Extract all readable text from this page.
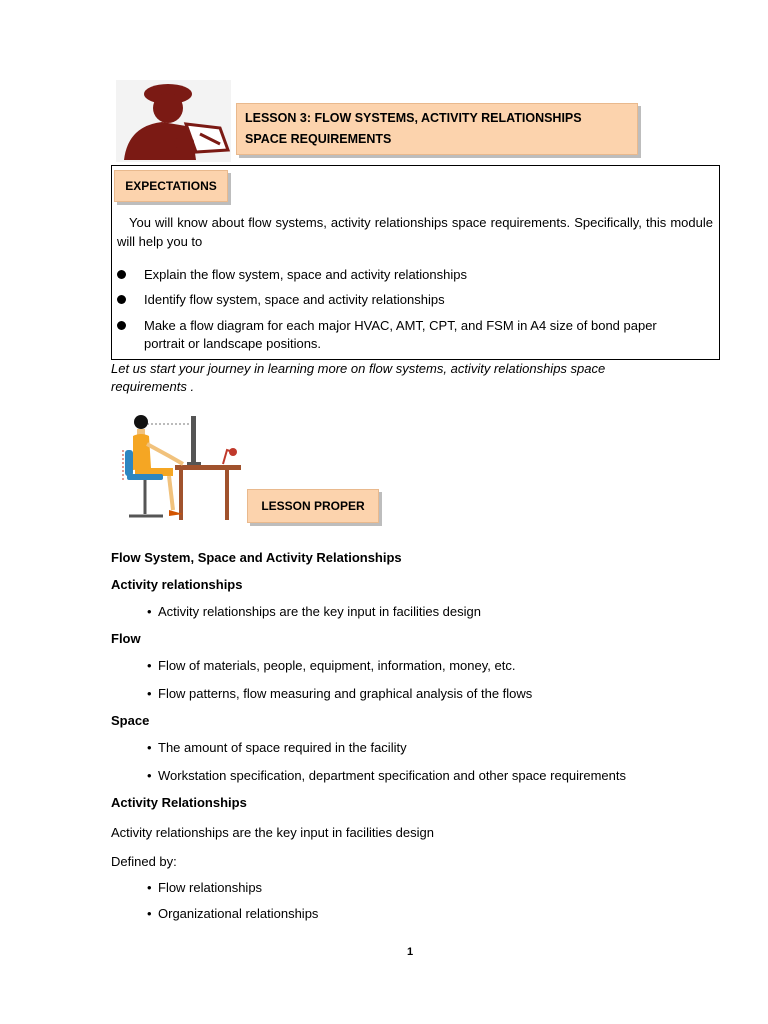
LESSON 3: FLOW SYSTEMS, ACTIVITY RELATIONSHIPS
SPACE REQUIREMENTS
EXPECTATIONS
You will know about flow systems, activity relationships space requirements. Specifically, this module will help you to
Explain the flow system, space and activity relationships
Identify flow system, space and activity relationships
Make a flow diagram for each major HVAC, AMT, CPT, and FSM in A4 size of bond paper
portrait or landscape positions.
Let us start your journey in learning more on flow systems, activity relationships space requirements .
LESSON PROPER
Flow System, Space and Activity Relationships
Activity relationships
• Activity relationships are the key input in facilities design
Flow
• Flow of materials, people, equipment, information, money, etc.
• Flow patterns, flow measuring and graphical analysis of the flows
Space
• The amount of space required in the facility
• Workstation specification, department specification and other space requirements
Activity Relationships
Activity relationships are the key input in facilities design
Defined by:
• Flow relationships
• Organizational relationships
1
